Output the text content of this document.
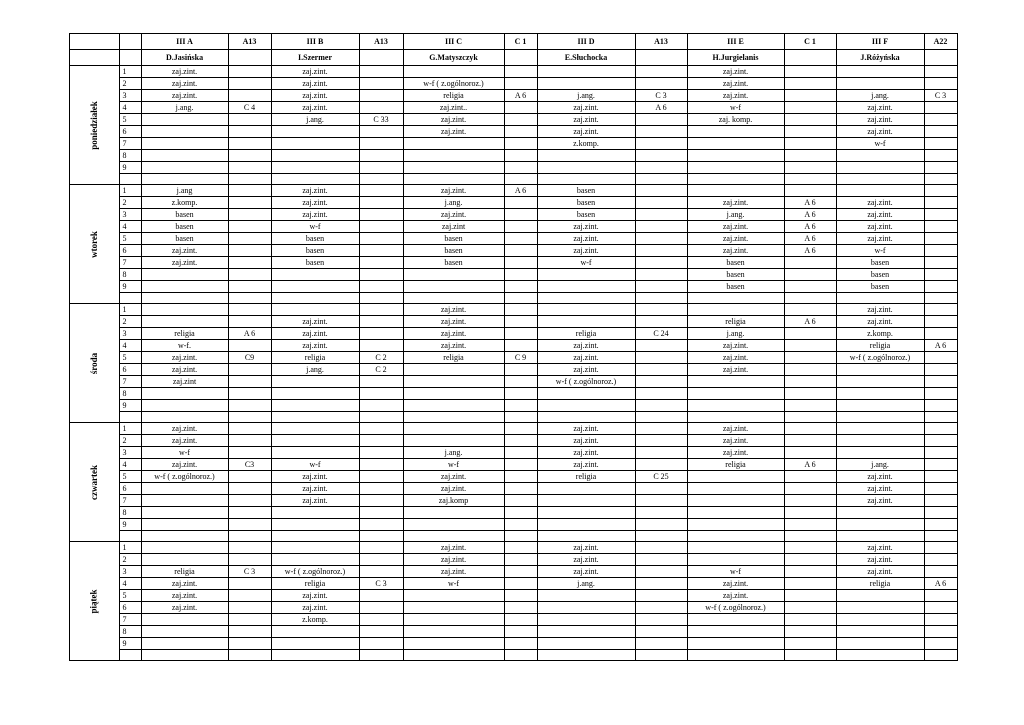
		III A	A13	III B	A13	III C	C 1	III D	A13	III E	C 1	III F	A22
		D.Jasińska		I.Szermer		G.Matyszczyk		E.Słuchocka		H.Jurgielanis		J.Różyńska	
poniedziałek	1	zaj.zint.		zaj.zint.						zaj.zint.			
	2	zaj.zint.		zaj.zint.		w-f ( z.ogólnoroz.)				zaj.zint.			
	3	zaj.zint.		zaj.zint.		religia	A 6	j.ang.	C 3	zaj.zint.		j.ang.	C 3
	4	j.ang.	C 4	zaj.zint.		zaj.zint..		zaj.zint.	A 6	w-f		zaj.zint.	
	5			j.ang.	C 33	zaj.zint.		zaj.zint.		zaj. komp.		zaj.zint.	
	6					zaj.zint.		zaj.zint.				zaj.zint.	
	7							z.komp.				w-f	
	8												
	9												

wtorek	1	j.ang		zaj.zint.		zaj.zint.	A 6	basen					
	2	z.komp.		zaj.zint.		j.ang.		basen		zaj.zint.	A 6	zaj.zint.	
	3	basen		zaj.zint.		zaj.zint.		basen		j.ang.	A 6	zaj.zint.	
	4	basen		w-f		zaj.zint		zaj.zint.		zaj.zint.	A 6	zaj.zint.	
	5	basen		basen		basen		zaj.zint.		zaj.zint.	A 6	zaj.zint.	
	6	zaj.zint.		basen		basen		zaj.zint.		zaj.zint.	A 6	w-f	
	7	zaj.zint.		basen		basen		w-f		basen		basen	
	8									basen		basen	
	9									basen		basen	

środa	1					zaj.zint.						zaj.zint.	
	2			zaj.zint.		zaj.zint.				religia	A 6	zaj.zint.	
	3	religia	A 6	zaj.zint.		zaj.zint.		religia	C 24	j.ang.		z.komp.	
	4	w-f.		zaj.zint.		zaj.zint.		zaj.zint.		zaj.zint.		religia	A 6
	5	zaj.zint.	C9	religia	C 2	religia	C 9	zaj.zint.		zaj.zint.		w-f ( z.ogólnoroz.)	
	6	zaj.zint.		j.ang.	C 2			zaj.zint.		zaj.zint.			
	7	zaj.zint						w-f ( z.ogólnoroz.)					
	8												
	9												

czwartek	1	zaj.zint.						zaj.zint.		zaj.zint.			
	2	zaj.zint.						zaj.zint.		zaj.zint.			
	3	w-f				j.ang.		zaj.zint.		zaj.zint.			
	4	zaj.zint.	C3	w-f		w-f		zaj.zint.		religia	A 6	j.ang.	
	5	w-f ( z.ogólnoroz.)		zaj.zint.		zaj.zint.		religia	C 25			zaj.zint.	
	6			zaj.zint.		zaj.zint.						zaj.zint.	
	7			zaj.zint.		zaj.komp						zaj.zint.	
	8												
	9												

piątek	1					zaj.zint.		zaj.zint.				zaj.zint.	
	2					zaj.zint.		zaj.zint.				zaj.zint.	
	3	religia	C 3	w-f ( z.ogólnoroz.)		zaj.zint.		zaj.zint.		w-f		zaj.zint.	
	4	zaj.zint.		religia	C 3	w-f		j.ang.		zaj.zint.		religia	A 6
	5	zaj.zint.		zaj.zint.						zaj.zint.			
	6	zaj.zint.		zaj.zint.						w-f ( z.ogólnoroz.)			
	7			z.komp.									
	8												
	9												
